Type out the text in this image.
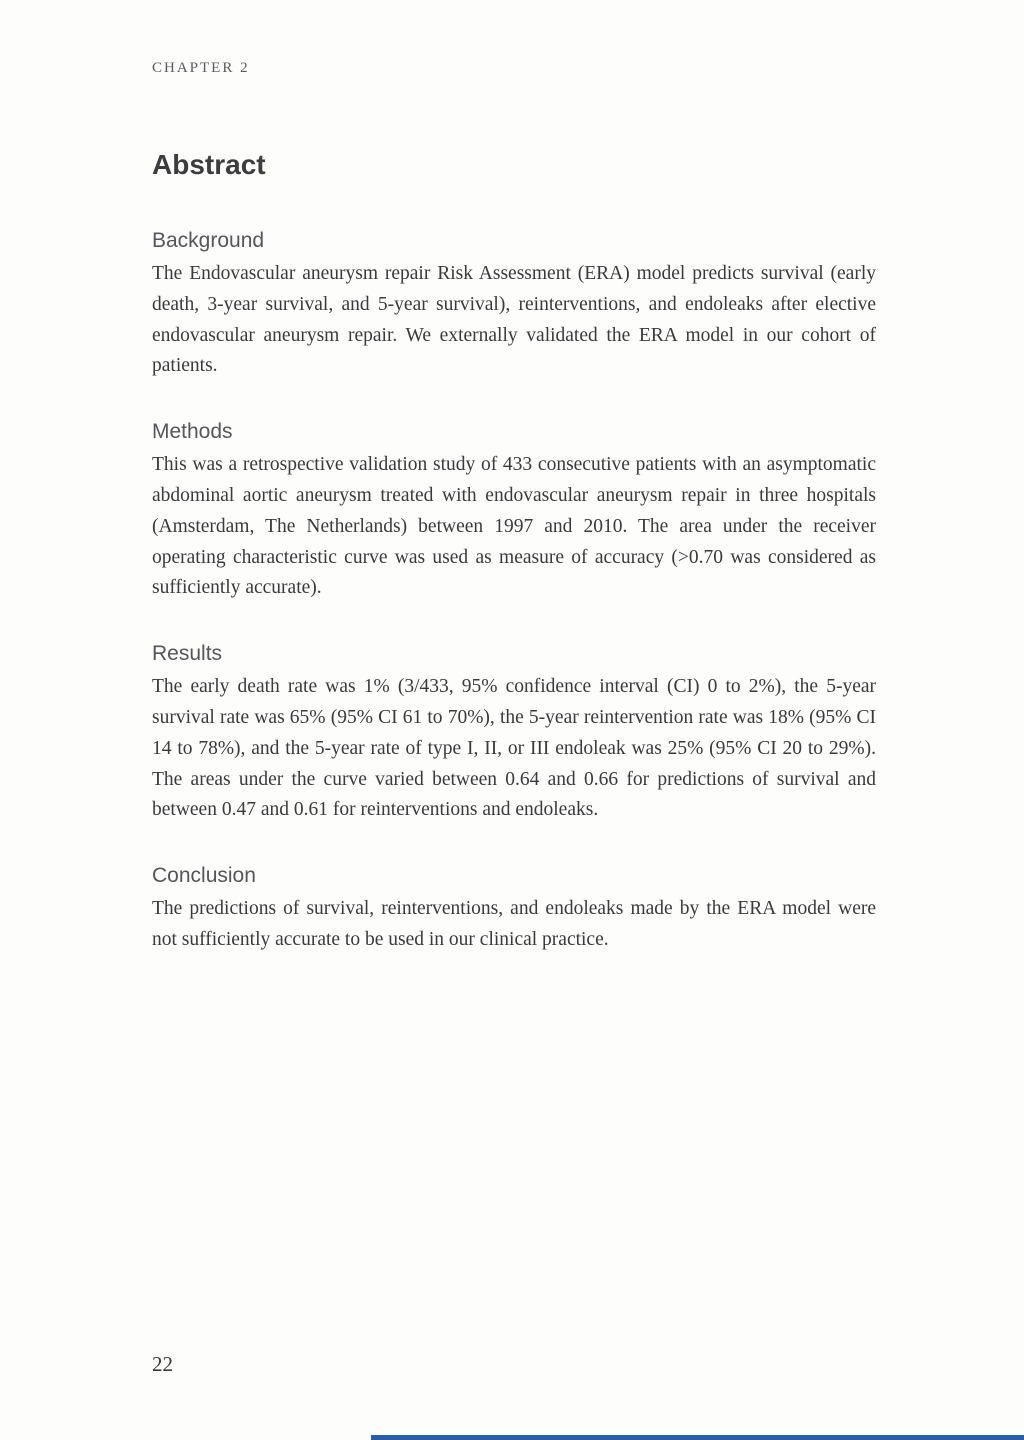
CHAPTER 2
Abstract
Background

The Endovascular aneurysm repair Risk Assessment (ERA) model predicts survival (early death, 3-year survival, and 5-year survival), reinterventions, and endoleaks after elective endovascular aneurysm repair. We externally validated the ERA model in our cohort of patients.

Methods

This was a retrospective validation study of 433 consecutive patients with an asymptomatic abdominal aortic aneurysm treated with endovascular aneurysm repair in three hospitals (Amsterdam, The Netherlands) between 1997 and 2010. The area under the receiver operating characteristic curve was used as measure of accuracy (>0.70 was considered as sufficiently accurate).

Results

The early death rate was 1% (3/433, 95% confidence interval (CI) 0 to 2%), the 5-year survival rate was 65% (95% CI 61 to 70%), the 5-year reintervention rate was 18% (95% CI 14 to 78%), and the 5-year rate of type I, II, or III endoleak was 25% (95% CI 20 to 29%). The areas under the curve varied between 0.64 and 0.66 for predictions of survival and between 0.47 and 0.61 for reinterventions and endoleaks.

Conclusion

The predictions of survival, reinterventions, and endoleaks made by the ERA model were not sufficiently accurate to be used in our clinical practice.

22
